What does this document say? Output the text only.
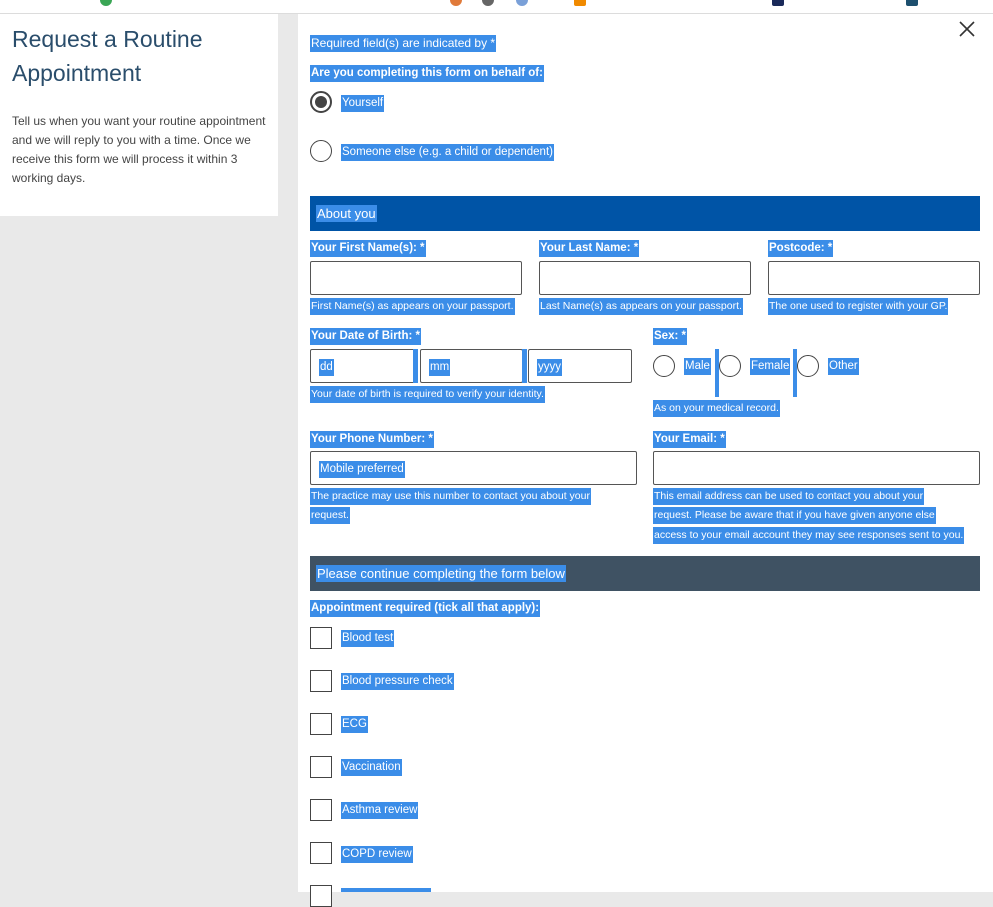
Request a Routine
Appointment

Tell us when you want your routine appointment and we will reply to you with a time. Once we receive this form we will process it within 3 working days.

Required field(s) are indicated by *
Are you completing this form on behalf of:
Yourself
Someone else (e.g. a child or dependent)
About you
Your First Name(s): *
First Name(s) as appears on your passport.
Your Last Name: *
Last Name(s) as appears on your passport.
Postcode: *
The one used to register with your GP.
Your Date of Birth: *
dd	mm	yyyy
Your date of birth is required to verify your identity.
Sex: *
Male	Female	Other
As on your medical record.
Your Phone Number: *
Mobile preferred
The practice may use this number to contact you about your
request.
Your Email: *
This email address can be used to contact you about your
request. Please be aware that if you have given anyone else
access to your email account they may see responses sent to you.
Please continue completing the form below
Appointment required (tick all that apply):
Blood test
Blood pressure check
ECG
Vaccination
Asthma review
COPD review
